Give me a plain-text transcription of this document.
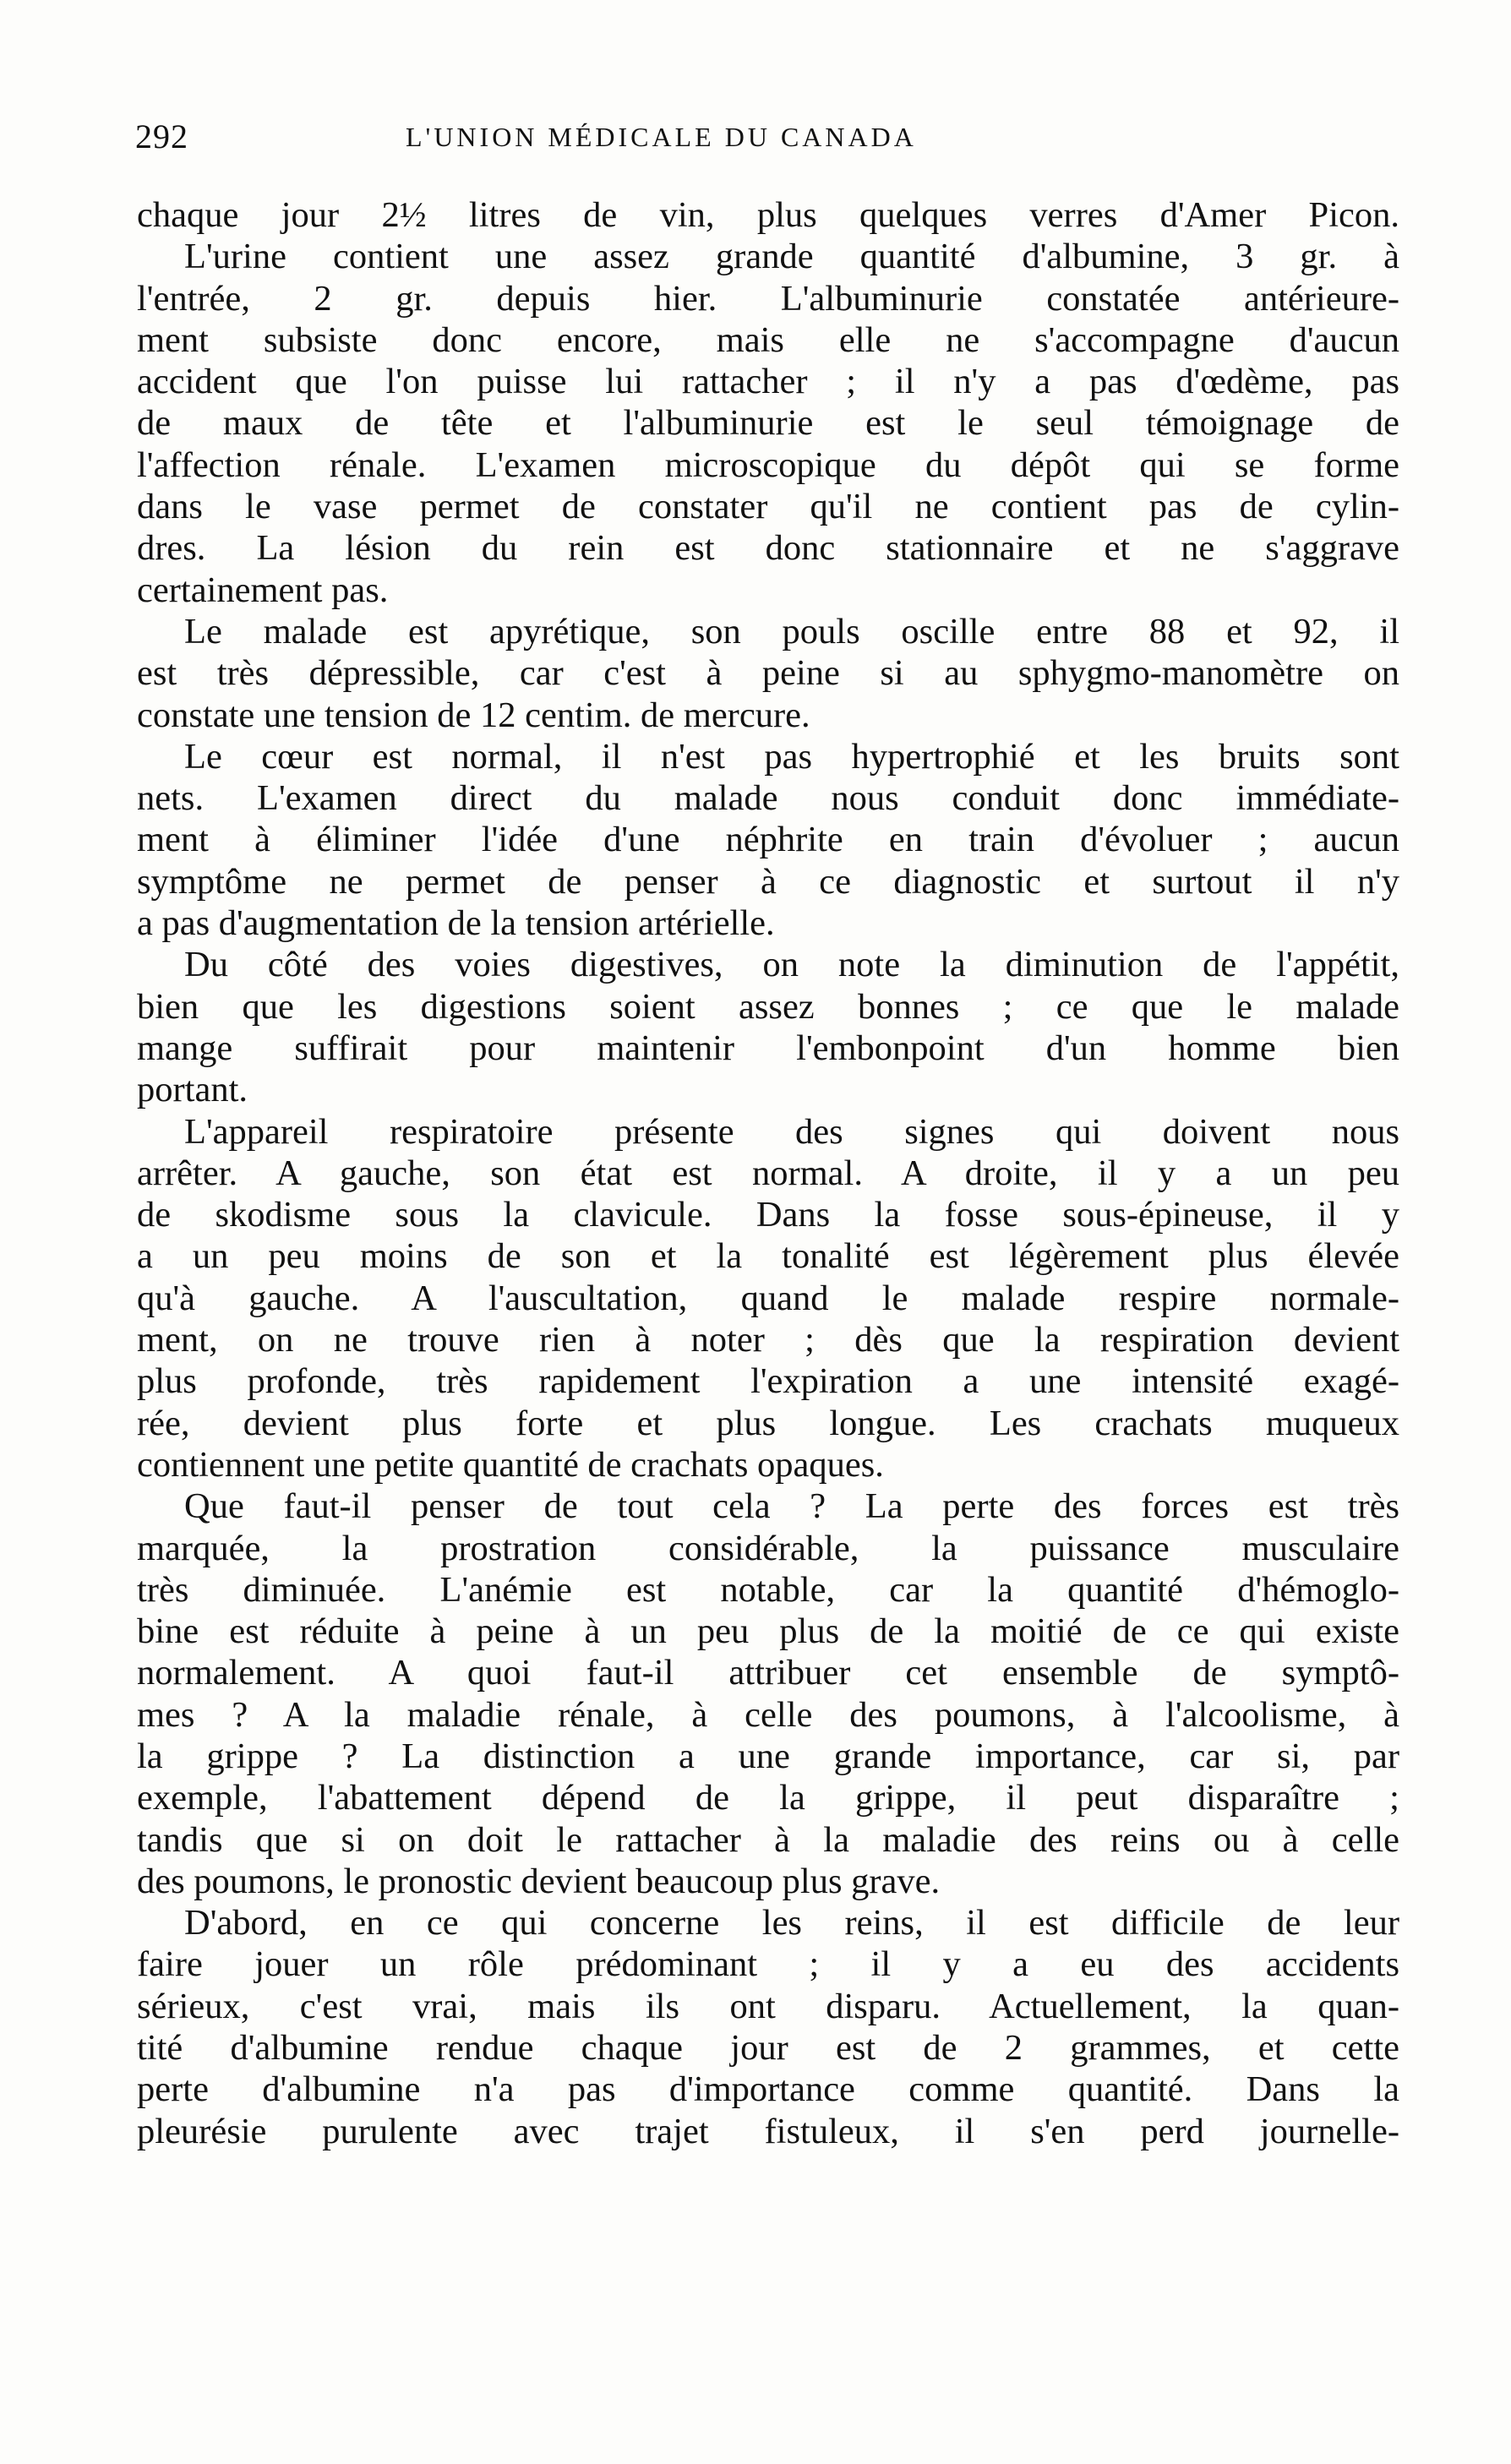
292	L'UNION MÉDICALE DU CANADA
chaque jour 2½ litres de vin, plus quelques verres d'Amer Picon.
L'urine contient une assez grande quantité d'albumine, 3 gr. à
l'entrée, 2 gr. depuis hier. L'albuminurie constatée antérieure-
ment subsiste donc encore, mais elle ne s'accompagne d'aucun
accident que l'on puisse lui rattacher ; il n'y a pas d'œdème, pas
de maux de tête et l'albuminurie est le seul témoignage de
l'affection rénale. L'examen microscopique du dépôt qui se forme
dans le vase permet de constater qu'il ne contient pas de cylin-
dres. La lésion du rein est donc stationnaire et ne s'aggrave
certainement pas.
Le malade est apyrétique, son pouls oscille entre 88 et 92, il
est très dépressible, car c'est à peine si au sphygmo-manomètre on
constate une tension de 12 centim. de mercure.
Le cœur est normal, il n'est pas hypertrophié et les bruits sont
nets. L'examen direct du malade nous conduit donc immédiate-
ment à éliminer l'idée d'une néphrite en train d'évoluer ; aucun
symptôme ne permet de penser à ce diagnostic et surtout il n'y
a pas d'augmentation de la tension artérielle.
Du côté des voies digestives, on note la diminution de l'appétit,
bien que les digestions soient assez bonnes ; ce que le malade
mange suffirait pour maintenir l'embonpoint d'un homme bien
portant.
L'appareil respiratoire présente des signes qui doivent nous
arrêter. A gauche, son état est normal. A droite, il y a un peu
de skodisme sous la clavicule. Dans la fosse sous-épineuse, il y
a un peu moins de son et la tonalité est légèrement plus élevée
qu'à gauche. A l'auscultation, quand le malade respire normale-
ment, on ne trouve rien à noter ; dès que la respiration devient
plus profonde, très rapidement l'expiration a une intensité exagé-
rée, devient plus forte et plus longue. Les crachats muqueux
contiennent une petite quantité de crachats opaques.
Que faut-il penser de tout cela ? La perte des forces est très
marquée, la prostration considérable, la puissance musculaire
très diminuée. L'anémie est notable, car la quantité d'hémoglo-
bine est réduite à peine à un peu plus de la moitié de ce qui existe
normalement. A quoi faut-il attribuer cet ensemble de symptô-
mes ? A la maladie rénale, à celle des poumons, à l'alcoolisme, à
la grippe ? La distinction a une grande importance, car si, par
exemple, l'abattement dépend de la grippe, il peut disparaître ;
tandis que si on doit le rattacher à la maladie des reins ou à celle
des poumons, le pronostic devient beaucoup plus grave.
D'abord, en ce qui concerne les reins, il est difficile de leur
faire jouer un rôle prédominant ; il y a eu des accidents
sérieux, c'est vrai, mais ils ont disparu. Actuellement, la quan-
tité d'albumine rendue chaque jour est de 2 grammes, et cette
perte d'albumine n'a pas d'importance comme quantité. Dans la
pleurésie purulente avec trajet fistuleux, il s'en perd journelle-
